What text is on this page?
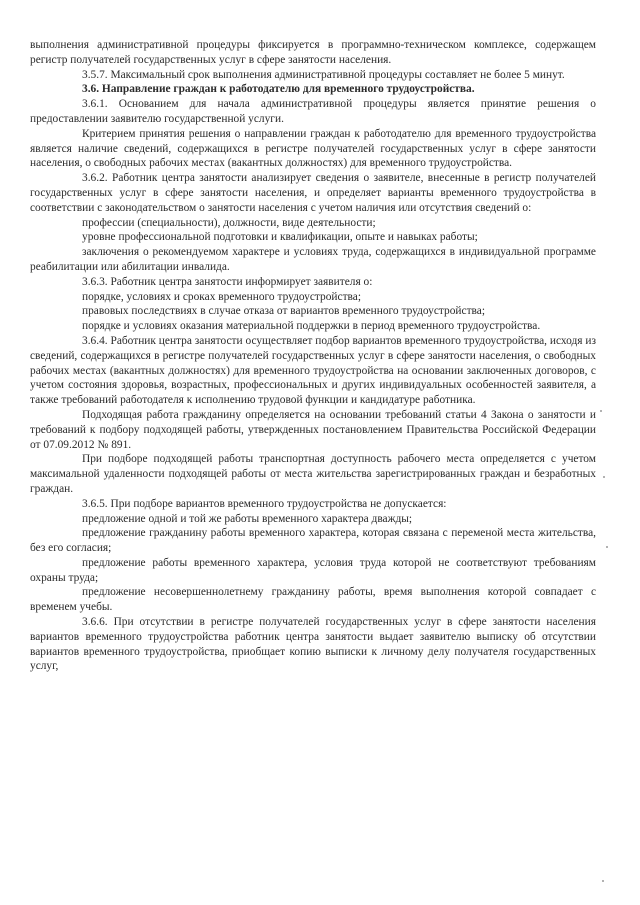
выполнения административной процедуры фиксируется в программно-техническом комплексе, содержащем регистр получателей государственных услуг в сфере занятости населения.

3.5.7. Максимальный срок выполнения административной процедуры составляет не более 5 минут.

3.6. Направление граждан к работодателю для временного трудоустройства.

3.6.1. Основанием для начала административной процедуры является принятие решения о предоставлении заявителю государственной услуги.

Критерием принятия решения о направлении граждан к работодателю для временного трудоустройства является наличие сведений, содержащихся в регистре получателей государственных услуг в сфере занятости населения, о свободных рабочих местах (вакантных должностях) для временного трудоустройства.

3.6.2. Работник центра занятости анализирует сведения о заявителе, внесенные в регистр получателей государственных услуг в сфере занятости населения, и определяет варианты временного трудоустройства в соответствии с законодательством о занятости населения с учетом наличия или отсутствия сведений о:

профессии (специальности), должности, виде деятельности;

уровне профессиональной подготовки и квалификации, опыте и навыках работы;

заключения о рекомендуемом характере и условиях труда, содержащихся в индивидуальной программе реабилитации или абилитации инвалида.

3.6.3. Работник центра занятости информирует заявителя о:

порядке, условиях и сроках временного трудоустройства;

правовых последствиях в случае отказа от вариантов временного трудоустройства;

порядке и условиях оказания материальной поддержки в период временного трудоустройства.

3.6.4. Работник центра занятости осуществляет подбор вариантов временного трудоустройства, исходя из сведений, содержащихся в регистре получателей государственных услуг в сфере занятости населения, о свободных рабочих местах (вакантных должностях) для временного трудоустройства на основании заключенных договоров, с учетом состояния здоровья, возрастных, профессиональных и других индивидуальных особенностей заявителя, а также требований работодателя к исполнению трудовой функции и кандидатуре работника.

Подходящая работа гражданину определяется на основании требований статьи 4 Закона о занятости и требований к подбору подходящей работы, утвержденных постановлением Правительства Российской Федерации от 07.09.2012 № 891.

При подборе подходящей работы транспортная доступность рабочего места определяется с учетом максимальной удаленности подходящей работы от места жительства зарегистрированных граждан и безработных граждан.

3.6.5. При подборе вариантов временного трудоустройства не допускается:

предложение одной и той же работы временного характера дважды;

предложение гражданину работы временного характера, которая связана с переменой места жительства, без его согласия;

предложение работы временного характера, условия труда которой не соответствуют требованиям охраны труда;

предложение несовершеннолетнему гражданину работы, время выполнения которой совпадает с временем учебы.

3.6.6. При отсутствии в регистре получателей государственных услуг в сфере занятости населения вариантов временного трудоустройства работник центра занятости выдает заявителю выписку об отсутствии вариантов временного трудоустройства, приобщает копию выписки к личному делу получателя государственных услуг,
